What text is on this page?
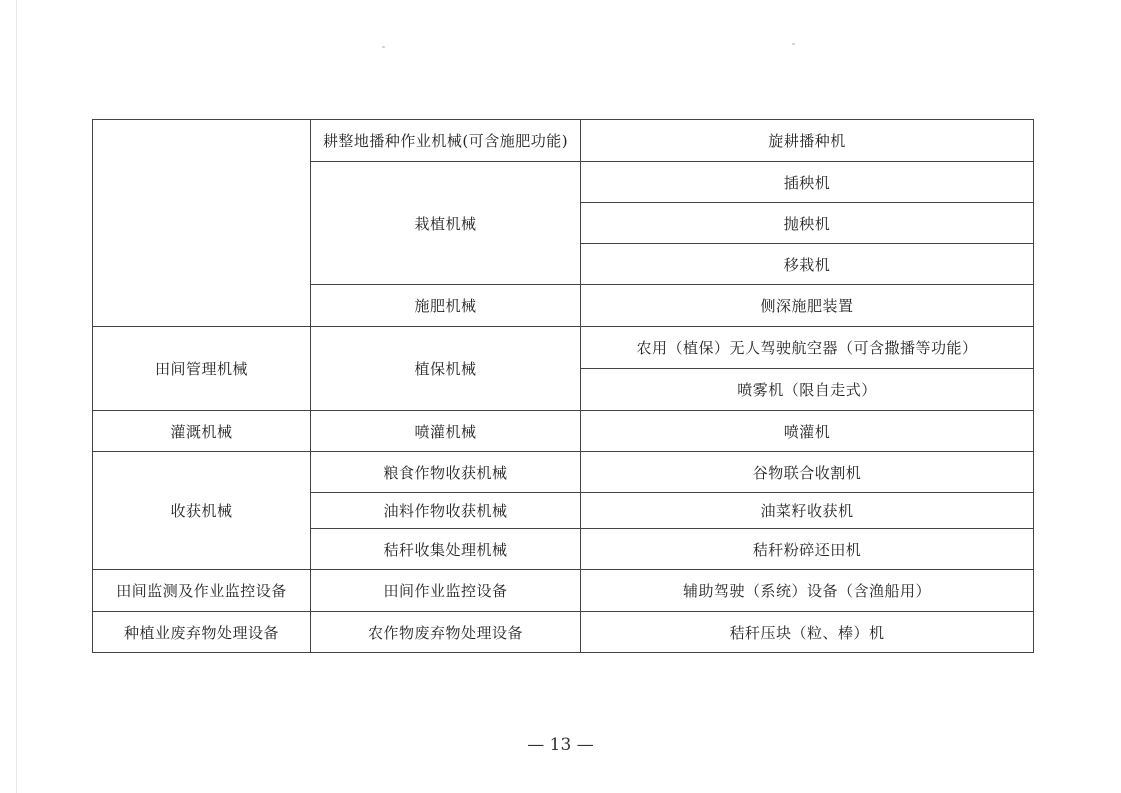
	耕整地播种作业机械(可含施肥功能)	旋耕播种机
	栽植机械	插秧机
		抛秧机
		移栽机
	施肥机械	侧深施肥装置
田间管理机械	植保机械	农用（植保）无人驾驶航空器（可含撒播等功能）
		喷雾机（限自走式）
灌溉机械	喷灌机械	喷灌机
收获机械	粮食作物收获机械	谷物联合收割机
	油料作物收获机械	油菜籽收获机
	秸秆收集处理机械	秸秆粉碎还田机
田间监测及作业监控设备	田间作业监控设备	辅助驾驶（系统）设备（含渔船用）
种植业废弃物处理设备	农作物废弃物处理设备	秸秆压块（粒、棒）机
— 13 —
